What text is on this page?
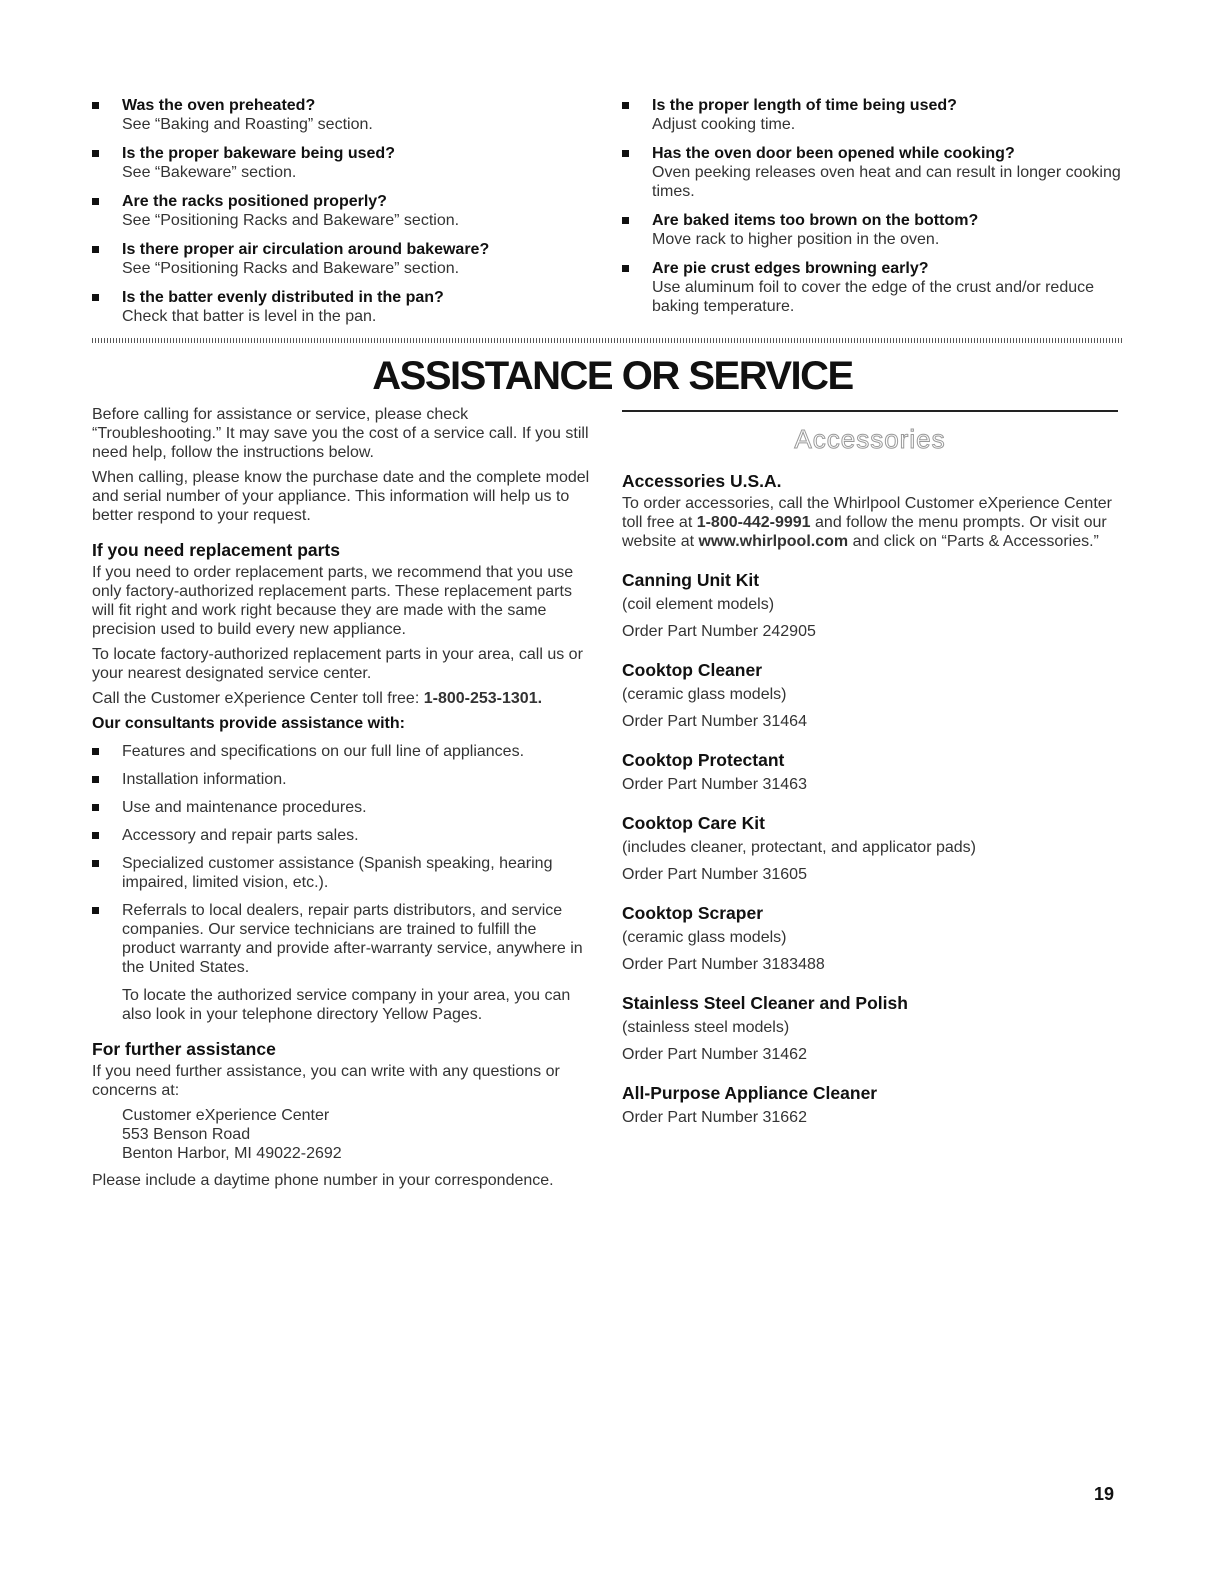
Was the oven preheated?
See “Baking and Roasting” section.
Is the proper bakeware being used?
See “Bakeware” section.
Are the racks positioned properly?
See “Positioning Racks and Bakeware” section.
Is there proper air circulation around bakeware?
See “Positioning Racks and Bakeware” section.
Is the batter evenly distributed in the pan?
Check that batter is level in the pan.
Is the proper length of time being used?
Adjust cooking time.
Has the oven door been opened while cooking?
Oven peeking releases oven heat and can result in longer cooking times.
Are baked items too brown on the bottom?
Move rack to higher position in the oven.
Are pie crust edges browning early?
Use aluminum foil to cover the edge of the crust and/or reduce baking temperature.
ASSISTANCE OR SERVICE

Before calling for assistance or service, please check “Troubleshooting.” It may save you the cost of a service call. If you still need help, follow the instructions below.

When calling, please know the purchase date and the complete model and serial number of your appliance. This information will help us to better respond to your request.

If you need replacement parts

If you need to order replacement parts, we recommend that you use only factory-authorized replacement parts. These replacement parts will fit right and work right because they are made with the same precision used to build every new appliance.

To locate factory-authorized replacement parts in your area, call us or your nearest designated service center.

Call the Customer eXperience Center toll free: 1-800-253-1301.

Our consultants provide assistance with:
Features and specifications on our full line of appliances.
Installation information.
Use and maintenance procedures.
Accessory and repair parts sales.
Specialized customer assistance (Spanish speaking, hearing impaired, limited vision, etc.).
Referrals to local dealers, repair parts distributors, and service companies. Our service technicians are trained to fulfill the product warranty and provide after-warranty service, anywhere in the United States.
To locate the authorized service company in your area, you can also look in your telephone directory Yellow Pages.
For further assistance

If you need further assistance, you can write with any questions or concerns at:

Customer eXperience Center
553 Benson Road
Benton Harbor, MI 49022-2692

Please include a daytime phone number in your correspondence.

Accessories
Accessories U.S.A.
To order accessories, call the Whirlpool Customer eXperience Center toll free at 1-800-442-9991 and follow the menu prompts. Or visit our website at www.whirlpool.com and click on “Parts & Accessories.”
Canning Unit Kit
(coil element models)
Order Part Number 242905
Cooktop Cleaner
(ceramic glass models)
Order Part Number 31464
Cooktop Protectant
Order Part Number 31463
Cooktop Care Kit
(includes cleaner, protectant, and applicator pads)
Order Part Number 31605
Cooktop Scraper
(ceramic glass models)
Order Part Number 3183488
Stainless Steel Cleaner and Polish
(stainless steel models)
Order Part Number 31462
All-Purpose Appliance Cleaner
Order Part Number 31662
19
